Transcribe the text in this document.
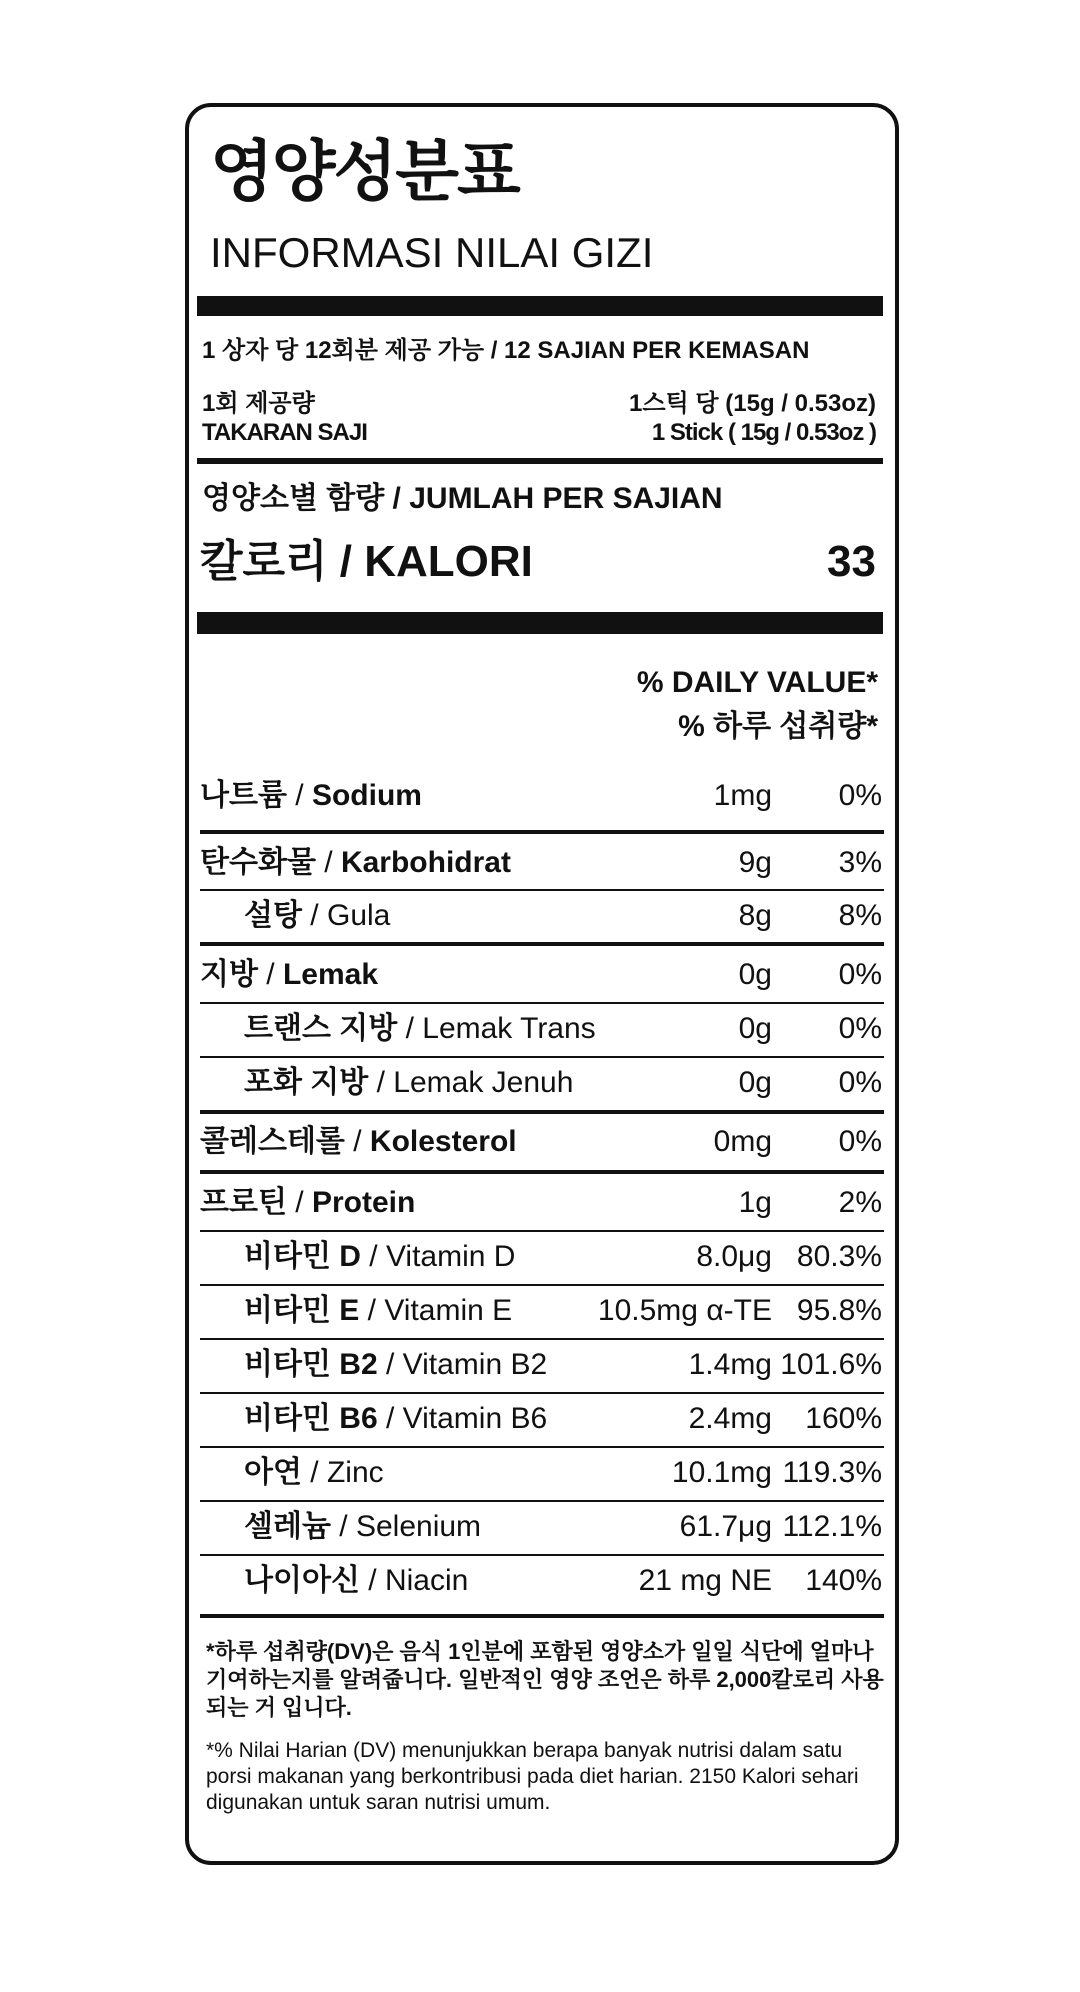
영양성분표
INFORMASI NILAI GIZI
1 상자 당 12회분 제공 가능 / 12 SAJIAN PER KEMASAN
1회 제공량
TAKARAN SAJI
1스틱 당 (15g / 0.53oz)
1 Stick ( 15g / 0.53oz )
영양소별 함량 / JUMLAH PER SAJIAN
칼로리 / KALORI	33
% DAILY VALUE*
% 하루 섭취량*
나트륨 / Sodium	1mg 0%
탄수화물 / Karbohidrat	9g 3%
설탕 / Gula	8g 8%
지방 / Lemak	0g 0%
트랜스 지방 / Lemak Trans	0g 0%
포화 지방 / Lemak Jenuh	0g 0%
콜레스테롤 / Kolesterol	0mg 0%
프로틴 / Protein	1g 2%
비타민 D / Vitamin D	8.0μg 80.3%
비타민 E / Vitamin E	10.5mg α-TE 95.8%
비타민 B2 / Vitamin B2	1.4mg 101.6%
비타민 B6 / Vitamin B6	2.4mg 160%
아연 / Zinc	10.1mg 119.3%
셀레늄 / Selenium	61.7μg 112.1%
나이아신 / Niacin	21 mg NE 140%
*하루 섭취량(DV)은 음식 1인분에 포함된 영양소가 일일 식단에 얼마나 기여하는지를 알려줍니다. 일반적인 영양 조언은 하루 2,000칼로리 사용되는 거 입니다.
*% Nilai Harian (DV) menunjukkan berapa banyak nutrisi dalam satu porsi makanan yang berkontribusi pada diet harian. 2150 Kalori sehari digunakan untuk saran nutrisi umum.
